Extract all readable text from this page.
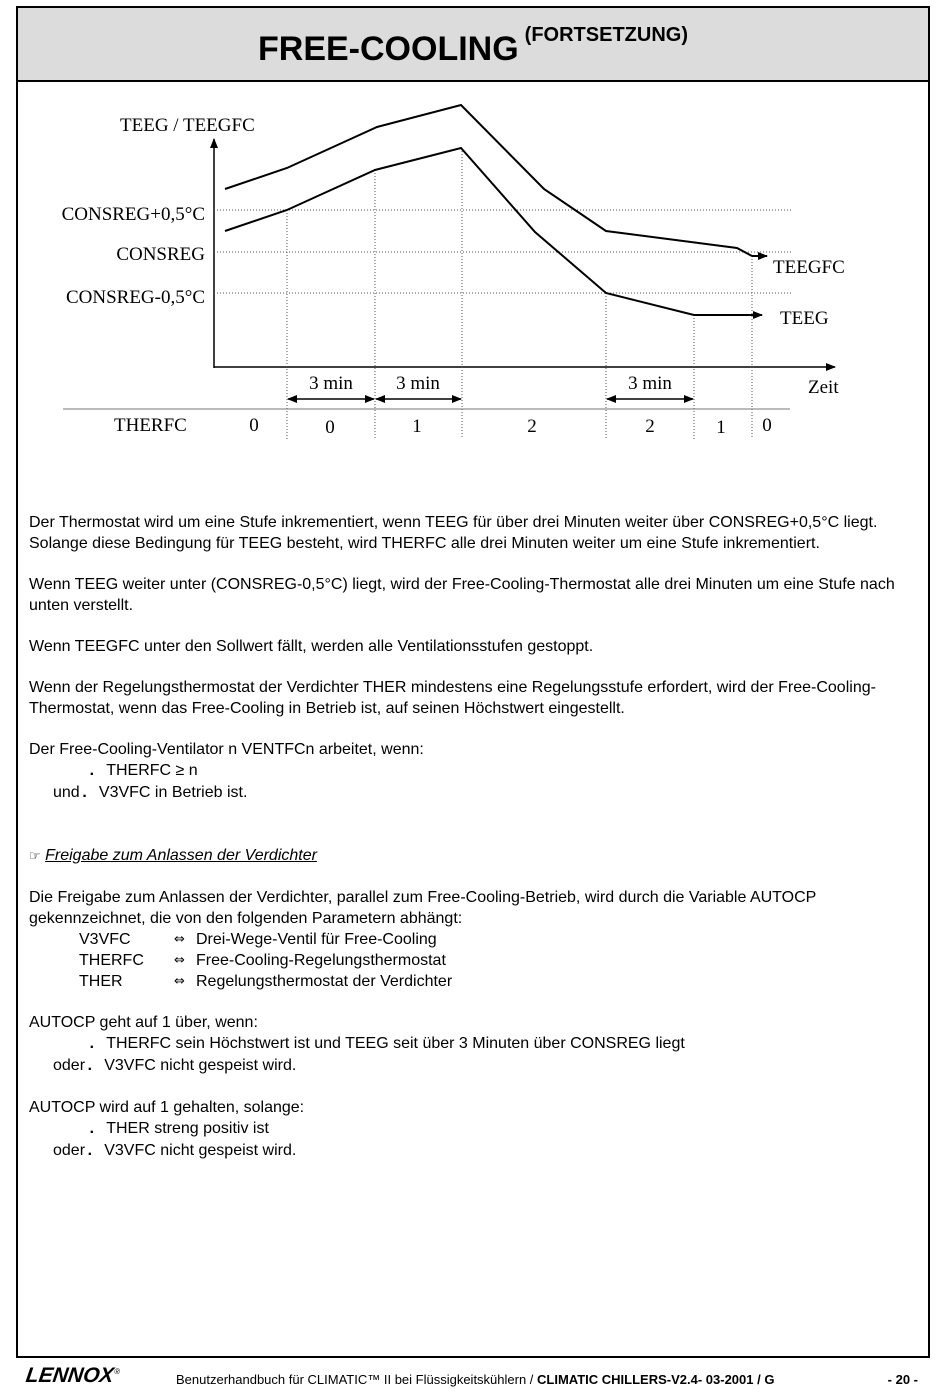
FREE-COOLING (FORTSETZUNG)
TEEG / TEEGFC
CONSREG+0,5°C
CONSREG
CONSREG-0,5°C
TEEGFC
TEEG
Zeit
3 min 3 min	3 min
THERFC	0	0	1	2	2	1 0

Der Thermostat wird um eine Stufe inkrementiert, wenn TEEG für über drei Minuten weiter über CONSREG+0,5°C liegt. Solange diese Bedingung für TEEG besteht, wird THERFC alle drei Minuten weiter um eine Stufe inkrementiert.

Wenn TEEG weiter unter (CONSREG-0,5°C) liegt, wird der Free-Cooling-Thermostat alle drei Minuten um eine Stufe nach unten verstellt.

Wenn TEEGFC unter den Sollwert fällt, werden alle Ventilationsstufen gestoppt.

Wenn der Regelungsthermostat der Verdichter THER mindestens eine Regelungsstufe erfordert, wird der Free-Cooling-Thermostat, wenn das Free-Cooling in Betrieb ist, auf seinen Höchstwert eingestellt.

Der Free-Cooling-Ventilator n VENTFCn arbeitet, wenn:

. THERFC ≥ n

und. V3VFC in Betrieb ist.

☞ Freigabe zum Anlassen der Verdichter

Die Freigabe zum Anlassen der Verdichter, parallel zum Free-Cooling-Betrieb, wird durch die Variable AUTOCP gekennzeichnet, die von den folgenden Parametern abhängt:

V3VFC	⇔ Drei-Wege-Ventil für Free-Cooling
THERFC	⇔ Free-Cooling-Regelungsthermostat
THER	⇔ Regelungsthermostat der Verdichter

AUTOCP geht auf 1 über, wenn:

. THERFC sein Höchstwert ist und TEEG seit über 3 Minuten über CONSREG liegt

oder. V3VFC nicht gespeist wird.

AUTOCP wird auf 1 gehalten, solange:

. THER streng positiv ist

oder. V3VFC nicht gespeist wird.

LENNOX®
Benutzerhandbuch für CLIMATIC™ II bei Flüssigkeitskühlern / CLIMATIC CHILLERS-V2.4- 03-2001 / G	- 20 -
